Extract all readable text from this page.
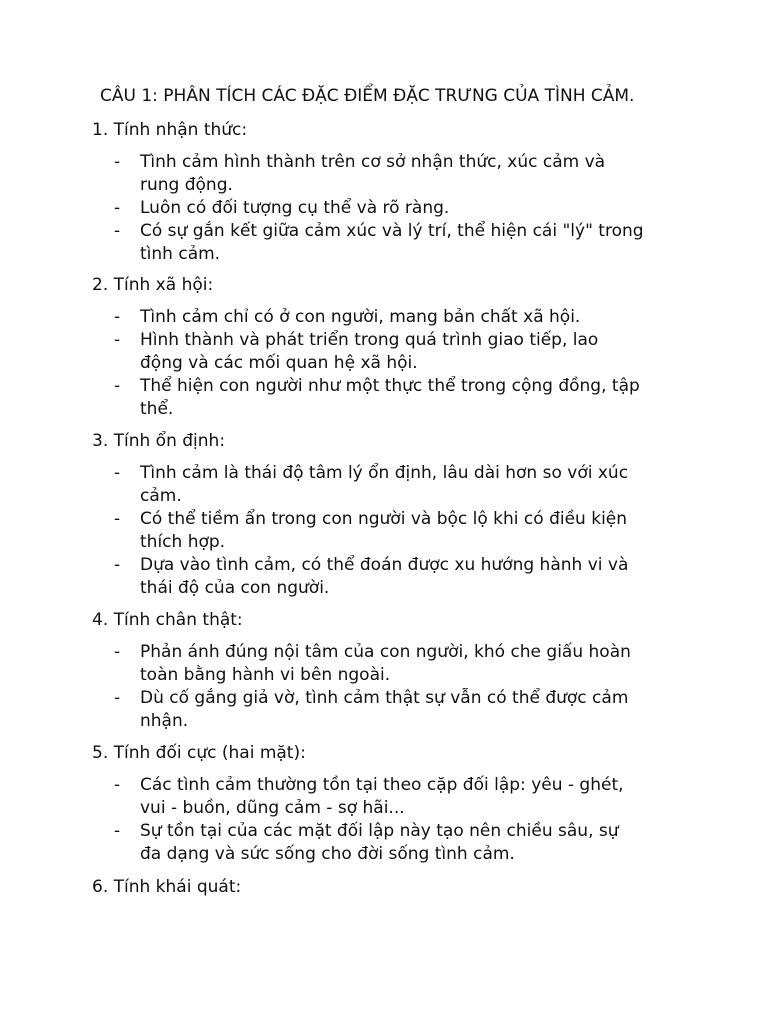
CÂU 1: PHÂN TÍCH CÁC ĐẶC ĐIỂM ĐẶC TRƯNG CỦA TÌNH CẢM.

1. Tính nhận thức:

- Tình cảm hình thành trên cơ sở nhận thức, xúc cảm và
rung động.
- Luôn có đối tượng cụ thể và rõ ràng.
- Có sự gắn kết giữa cảm xúc và lý trí, thể hiện cái "lý" trong
tình cảm.

2. Tính xã hội:

- Tình cảm chỉ có ở con người, mang bản chất xã hội.
- Hình thành và phát triển trong quá trình giao tiếp, lao
động và các mối quan hệ xã hội.
- Thể hiện con người như một thực thể trong cộng đồng, tập
thể.

3. Tính ổn định:

- Tình cảm là thái độ tâm lý ổn định, lâu dài hơn so với xúc
cảm.
- Có thể tiềm ẩn trong con người và bộc lộ khi có điều kiện
thích hợp.
- Dựa vào tình cảm, có thể đoán được xu hướng hành vi và
thái độ của con người.

4. Tính chân thật:

- Phản ánh đúng nội tâm của con người, khó che giấu hoàn
toàn bằng hành vi bên ngoài.
- Dù cố gắng giả vờ, tình cảm thật sự vẫn có thể được cảm
nhận.

5. Tính đối cực (hai mặt):

- Các tình cảm thường tồn tại theo cặp đối lập: yêu - ghét,
vui - buồn, dũng cảm - sợ hãi...
- Sự tồn tại của các mặt đối lập này tạo nên chiều sâu, sự
đa dạng và sức sống cho đời sống tình cảm.

6. Tính khái quát:
